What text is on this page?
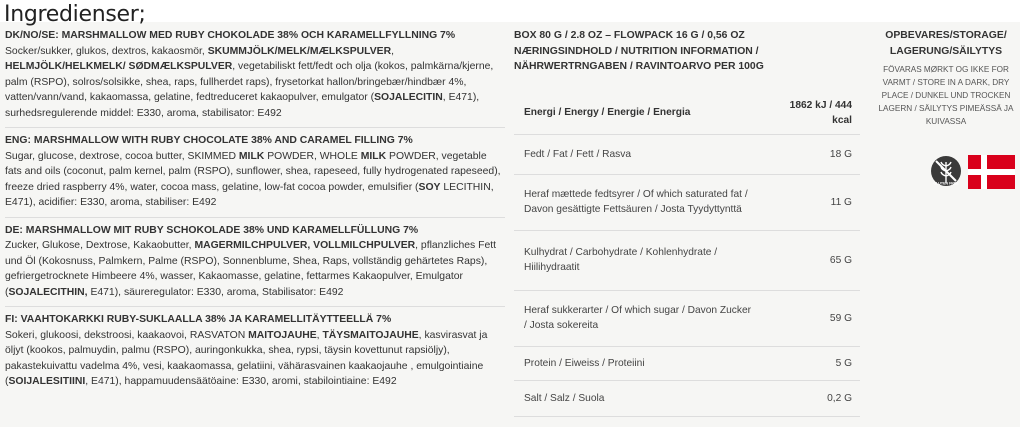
Ingredienser;

DK/NO/SE: MARSHMALLOW MED RUBY CHOKOLADE 38% OCH KARAMELLFYLLNING 7%

Socker/sukker, glukos, dextros, kakaosmör, SKUMMJÖLK/MELK/MÆLKSPULVER, HELMJÖLK/HELKMELK/ SØDMÆLKSPULVER, vegetabiliskt fett/fedt och olja (kokos, palmkärna/kjerne, palm (RSPO), solros/solsikke, shea, raps, fullherdet raps), frysetorkat hallon/bringebær/hindbær 4%, vatten/vann/vand, kakaomassa, gelatine, fedtreduceret kakaopulver, emulgator (SOJALECITIN, E471), surhedsregulerende middel: E330, aroma, stabilisator: E492

ENG: MARSHMALLOW WITH RUBY CHOCOLATE 38% AND CARAMEL FILLING 7%

Sugar, glucose, dextrose, cocoa butter, SKIMMED MILK POWDER, WHOLE MILK POWDER, vegetable fats and oils (coconut, palm kernel, palm (RSPO), sunflower, shea, rapeseed, fully hydrogenated rapeseed), freeze dried raspberry 4%, water, cocoa mass, gelatine, low-fat cocoa powder, emulsifier (SOY LECITHIN, E471), acidifier: E330, aroma, stabiliser: E492

DE: MARSHMALLOW MIT RUBY SCHOKOLADE 38% UND KARAMELLFÜLLUNG 7%

Zucker, Glukose, Dextrose, Kakaobutter, MAGERMILCHPULVER, VOLLMILCHPULVER, pflanzliches Fett und Öl (Kokosnuss, Palmkern, Palme (RSPO), Sonnenblume, Shea, Raps, vollständig gehärtetes Raps), gefriergetrocknete Himbeere 4%, wasser, Kakaomasse, gelatine, fettarmes Kakaopulver, Emulgator (SOJALECITHIN, E471), säureregulator: E330, aroma, Stabilisator: E492

FI: VAAHTOKARKKI RUBY-SUKLAALLA 38% JA KARAMELLITÄYTTEELLÄ 7%

Sokeri, glukoosi, dekstroosi, kaakaovoi, RASVATON MAITOJAUHE, TÄYSMAITOJAUHE, kasvirasvat ja öljyt (kookos, palmuydin, palmu (RSPO), auringonkukka, shea, rypsi, täysin kovettunut rapsiöljy), pakastekuivattu vadelma 4%, vesi, kaakaomassa, gelatiini, vähärasvainen kaakaojauhe , emulgointiaine (SOIJALESITIINI, E471), happamuudensäätöaine: E330, aromi, stabilointiaine: E492

BOX 80 G / 2.8 OZ – FLOWPACK 16 G / 0,56 OZ

NÆRINGSINDHOLD / NUTRITION INFORMATION /

NÄHRWERTRNGABEN / RAVINTOARVO PER 100G

Energi / Energy / Energie / Energia	1862 kJ / 444 kcal
Fedt / Fat / Fett / Rasva	18 G
Heraf mættede fedtsyrer / Of which saturated fat / Davon gesättigte Fettsäuren / Josta Tyydyttynttä	11 G
Kulhydrat / Carbohydrate / Kohlenhydrate / Hiilihydraatit	65 G
Heraf sukkerarter / Of which sugar / Davon Zucker / Josta sokereita	59 G
Protein / Eiweiss / Proteiini	5 G
Salt / Salz / Suola	0,2 G

OPBEVARES/STORAGE/ LAGERUNG/SÄILYTYS

FÖVARAS MØRKT OG IKKE FOR VARMT / STORE IN A DARK, DRY PLACE / DUNKEL UND TROCKEN LAGERN / SÄILYTYS PIMEÄSSÄ JA KUIVASSA
GLUTEN FREE
